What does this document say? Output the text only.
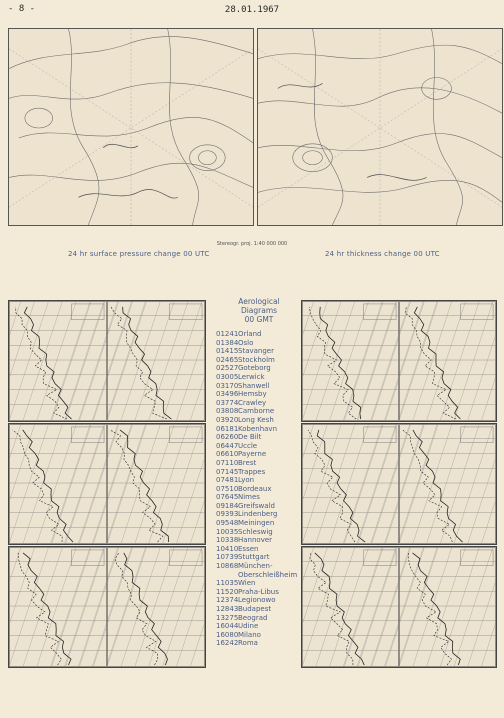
- 8 -	28.01.1967
Stereogr. proj. 1:40 000 000
24 hr surface pressure change 00 UTC	24 hr thickness change 00 UTC
Aerological
Diagrams
00 GMT
01241 Orland
01384 Oslo
01415 Stavanger
02465 Stockholm
02527 Goteborg
03005 Lerwick
03170 Shanwell
03496 Hemsby
03774 Crawley
03808 Camborne
03920 Long Kesh
06181 Kobenhavn
06260 De Bilt
06447 Uccle
06610 Payerne
07110 Brest
07145 Trappes
07481 Lyon
07510 Bordeaux
07645 Nimes
09184 Greifswald
09393 Lindenberg
09548 Meiningen
10035 Schleswig
10338 Hannover
10410 Essen
10739 Stuttgart
10868 München-
Oberschleißheim
11035 Wien
11520 Praha-Libus
12374 Legionowo
12843 Budapest
13275 Beograd
16044 Udine
16080 Milano
16242 Roma
